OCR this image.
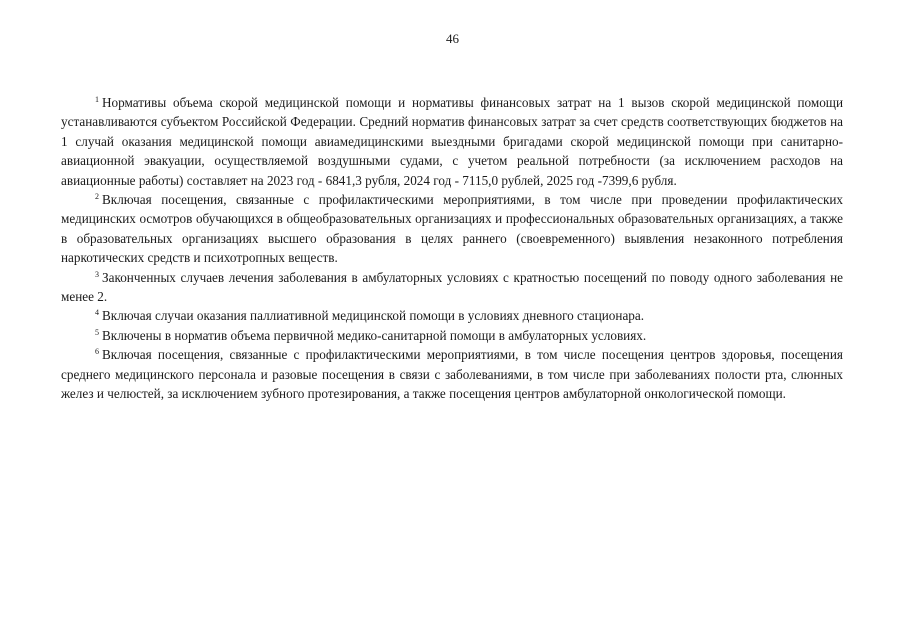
46

$^1$ Нормативы объема скорой медицинской помощи и нормативы финансовых затрат на 1 вызов скорой медицинской помощи устанавливаются субъектом Российской Федерации. Средний норматив финансовых затрат за счет средств соответствующих бюджетов на 1 случай оказания медицинской помощи авиамедицинскими выездными бригадами скорой медицинской помощи при санитарно-авиационной эвакуации, осуществляемой воздушными судами, с учетом реальной потребности (за исключением расходов на авиационные работы) составляет на 2023 год - 6841,3 рубля, 2024 год - 7115,0 рублей, 2025 год -7399,6 рубля.

$^2$ Включая посещения, связанные с профилактическими мероприятиями, в том числе при проведении профилактических медицинских осмотров обучающихся в общеобразовательных организациях и профессиональных образовательных организациях, а также в образовательных организациях высшего образования в целях раннего (своевременного) выявления незаконного потребления наркотических средств и психотропных веществ.

$^3$ Законченных случаев лечения заболевания в амбулаторных условиях с кратностью посещений по поводу одного заболевания не менее 2.

$^4$ Включая случаи оказания паллиативной медицинской помощи в условиях дневного стационара.

$^5$ Включены в норматив объема первичной медико-санитарной помощи в амбулаторных условиях.

$^6$ Включая посещения, связанные с профилактическими мероприятиями, в том числе посещения центров здоровья, посещения среднего медицинского персонала и разовые посещения в связи с заболеваниями, в том числе при заболеваниях полости рта, слюнных желез и челюстей, за исключением зубного протезирования, а также посещения центров амбулаторной онкологической помощи.
